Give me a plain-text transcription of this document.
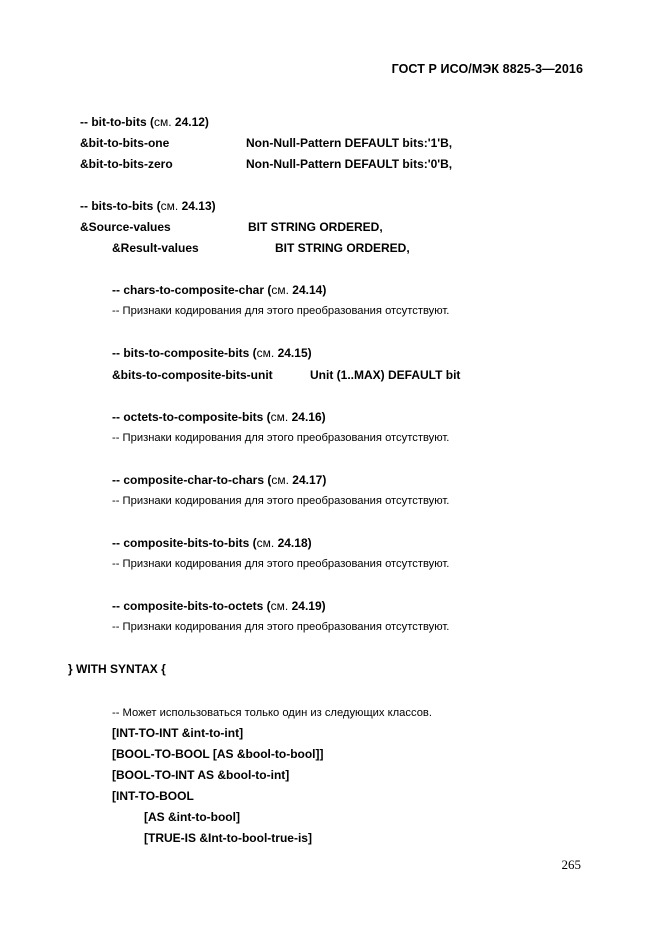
ГОСТ Р ИСО/МЭК 8825-3—2016
-- bit-to-bits (см. 24.12)
&bit-to-bits-one	Non-Null-Pattern DEFAULT bits:'1'B,
&bit-to-bits-zero	Non-Null-Pattern DEFAULT bits:'0'B,
-- bits-to-bits (см. 24.13)
&Source-values	BIT STRING ORDERED,
&Result-values	BIT STRING ORDERED,
-- chars-to-composite-char (см. 24.14)
-- Признаки кодирования для этого преобразования отсутствуют.
-- bits-to-composite-bits (см. 24.15)
&bits-to-composite-bits-unit	Unit (1..MAX) DEFAULT bit
-- octets-to-composite-bits (см. 24.16)
-- Признаки кодирования для этого преобразования отсутствуют.
-- composite-char-to-chars (см. 24.17)
-- Признаки кодирования для этого преобразования отсутствуют.
-- composite-bits-to-bits (см. 24.18)
-- Признаки кодирования для этого преобразования отсутствуют.
-- composite-bits-to-octets (см. 24.19)
-- Признаки кодирования для этого преобразования отсутствуют.
} WITH SYNTAX {
-- Может использоваться только один из следующих классов.
[INT-TO-INT &int-to-int]
[BOOL-TO-BOOL [AS &bool-to-bool]]
[BOOL-TO-INT AS &bool-to-int]
[INT-TO-BOOL
[AS &int-to-bool]
[TRUE-IS &Int-to-bool-true-is]
265
